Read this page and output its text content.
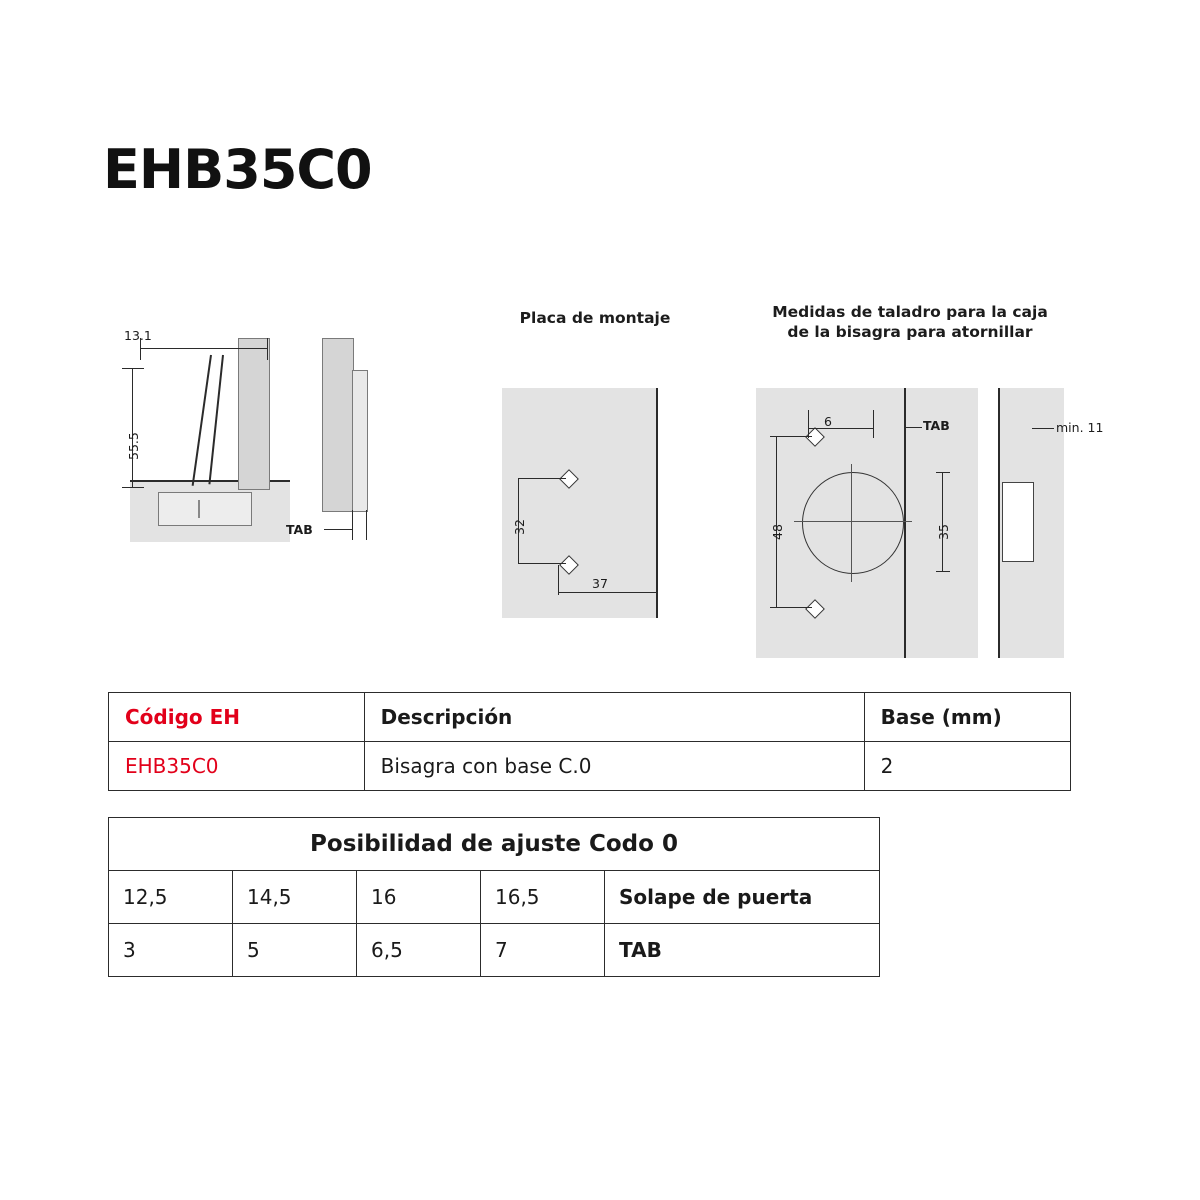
EHB35C0
13.1
55.5
TAB
Placa de montaje
32
37
Medidas de taladro para la caja
de la bisagra para atornillar
6	TAB
48	35
min. 11
Código EH	Descripción	Base (mm)
EHB35C0	Bisagra con base C.0	2
Posibilidad de ajuste Codo 0				
12,5	14,5	16	16,5	Solape de puerta
3	5	6,5	7	TAB
